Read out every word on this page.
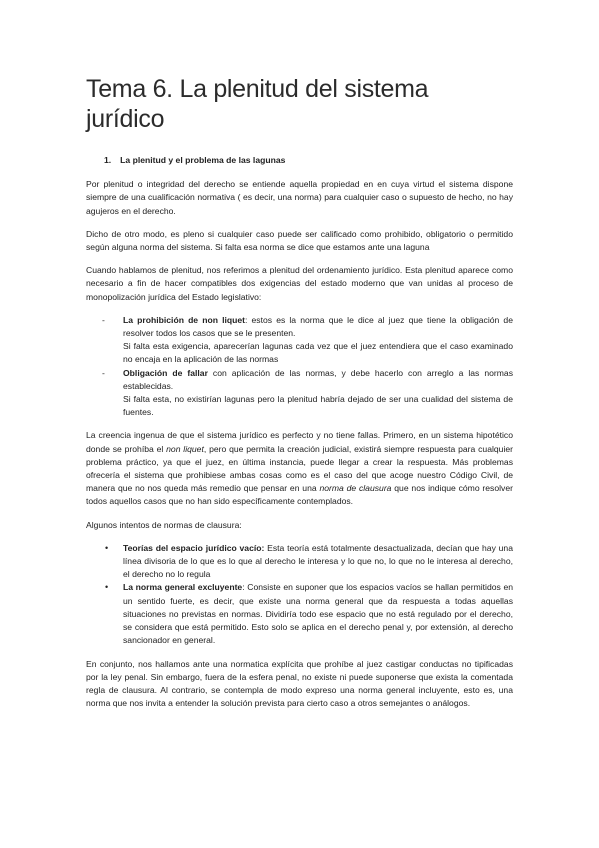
Tema 6. La plenitud del sistema jurídico
1. La plenitud y el problema de las lagunas

Por plenitud o integridad del derecho se entiende aquella propiedad en en cuya virtud el sistema dispone siempre de una cualificación normativa ( es decir, una norma) para cualquier caso o supuesto de hecho, no hay agujeros en el derecho.

Dicho de otro modo, es pleno si cualquier caso puede ser calificado como prohibido, obligatorio o permitido según alguna norma del sistema. Si falta esa norma se dice que estamos ante una laguna

Cuando hablamos de plenitud, nos referimos a plenitud del ordenamiento jurídico. Esta plenitud aparece como necesario a fin de hacer compatibles dos exigencias del estado moderno que van unidas al proceso de monopolización jurídica del Estado legislativo:

- La prohibición de non liquet: estos es la norma que le dice al juez que tiene la obligación de resolver todos los casos que se le presenten.
Si falta esta exigencia, aparecerían lagunas cada vez que el juez entendiera que el caso examinado no encaja en la aplicación de las normas
- Obligación de fallar con aplicación de las normas, y debe hacerlo con arreglo a las normas establecidas.
Si falta esta, no existirían lagunas pero la plenitud habría dejado de ser una cualidad del sistema de fuentes.

La creencia ingenua de que el sistema jurídico es perfecto y no tiene fallas. Primero, en un sistema hipotético donde se prohíba el non liquet, pero que permita la creación judicial, existirá siempre respuesta para cualquier problema práctico, ya que el juez, en última instancia, puede llegar a crear la respuesta. Más problemas ofrecería el sistema que prohibiese ambas cosas como es el caso del que acoge nuestro Código Civil, de manera que no nos queda más remedio que pensar en una norma de clausura que nos indique cómo resolver todos aquellos casos que no han sido específicamente contemplados.

Algunos intentos de normas de clausura:

• Teorías del espacio jurídico vacío: Esta teoría está totalmente desactualizada, decían que hay una línea divisoria de lo que es lo que al derecho le interesa y lo que no, lo que no le interesa al derecho, el derecho no lo regula
• La norma general excluyente: Consiste en suponer que los espacios vacíos se hallan permitidos en un sentido fuerte, es decir, que existe una norma general que da respuesta a todas aquellas situaciones no previstas en normas. Dividiría todo ese espacio que no está regulado por el derecho, se considera que está permitido. Esto solo se aplica en el derecho penal y, por extensión, al derecho sancionador en general.

En conjunto, nos hallamos ante una normatica explícita que prohíbe al juez castigar conductas no tipificadas por la ley penal. Sin embargo, fuera de la esfera penal, no existe ni puede suponerse que exista la comentada regla de clausura. Al contrario, se contempla de modo expreso una norma general incluyente, esto es, una norma que nos invita a entender la solución prevista para cierto caso a otros semejantes o análogos.
